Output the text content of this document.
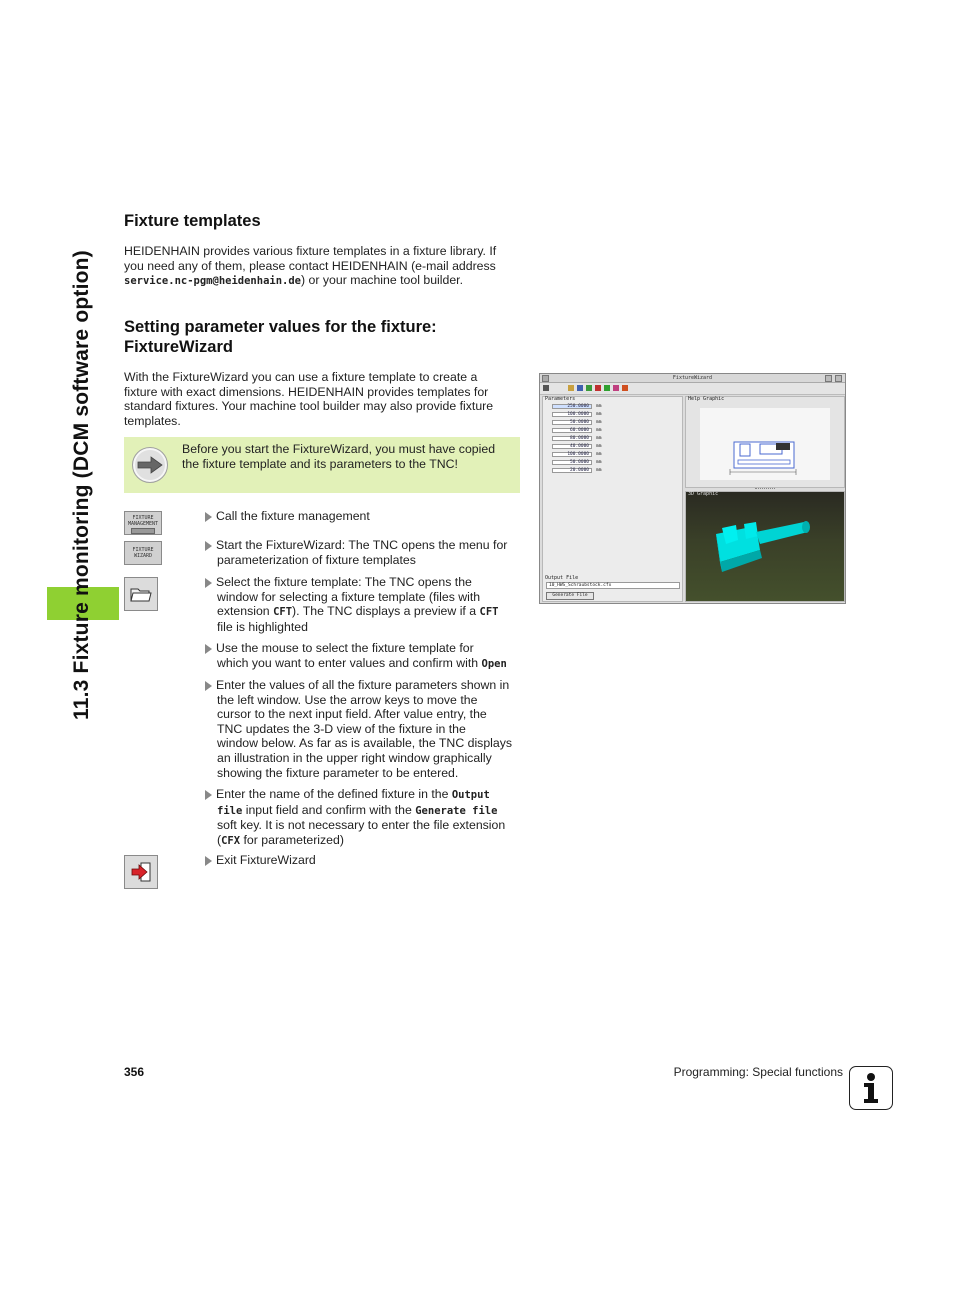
11.3 Fixture monitoring (DCM software option)
Fixture templates

HEIDENHAIN provides various fixture templates in a fixture library. If

you need any of them, please contact HEIDENHAIN (e-mail address

service.nc-pgm@heidenhain.de) or your machine tool builder.

Setting parameter values for the fixture:
FixtureWizard

With the FixtureWizard you can use a fixture template to create a

fixture with exact dimensions. HEIDENHAIN provides templates for

standard fixtures. Your machine tool builder may also provide fixture

templates.

Before you start the FixtureWizard, you must have copied
the fixture template and its parameters to the TNC!
FIXTURE
MANAGEMENT
FIXTURE
WIZARD
Call the fixture management
Start the FixtureWizard: The TNC opens the menu for
parameterization of fixture templates
Select the fixture template: The TNC opens the
window for selecting a fixture template (files with
extension CFT). The TNC displays a preview if a CFT
file is highlighted
Use the mouse to select the fixture template for
which you want to enter values and confirm with Open
Enter the values of all the fixture parameters shown in
the left window. Use the arrow keys to move the
cursor to the next input field. After value entry, the
TNC updates the 3-D view of the fixture in the
window below. As far as is available, the TNC displays
an illustration in the upper right window graphically
showing the fixture parameter to be entered.
Enter the name of the defined fixture in the Output
file input field and confirm with the Generate file
soft key. It is not necessary to enter the file extension
(CFX for parameterized)
Exit FixtureWizard
FixtureWizard
Parameters
250.0000	mm
100.0000	mm
50.0000	mm
60.0000	mm
80.0000	mm
40.0000	mm
100.0000	mm
50.0000	mm
20.0000	mm
Output File
10_HWS_Schraubstock.cfx
Generate File
Help Graphic
3D Graphic
356	Programming: Special functions
